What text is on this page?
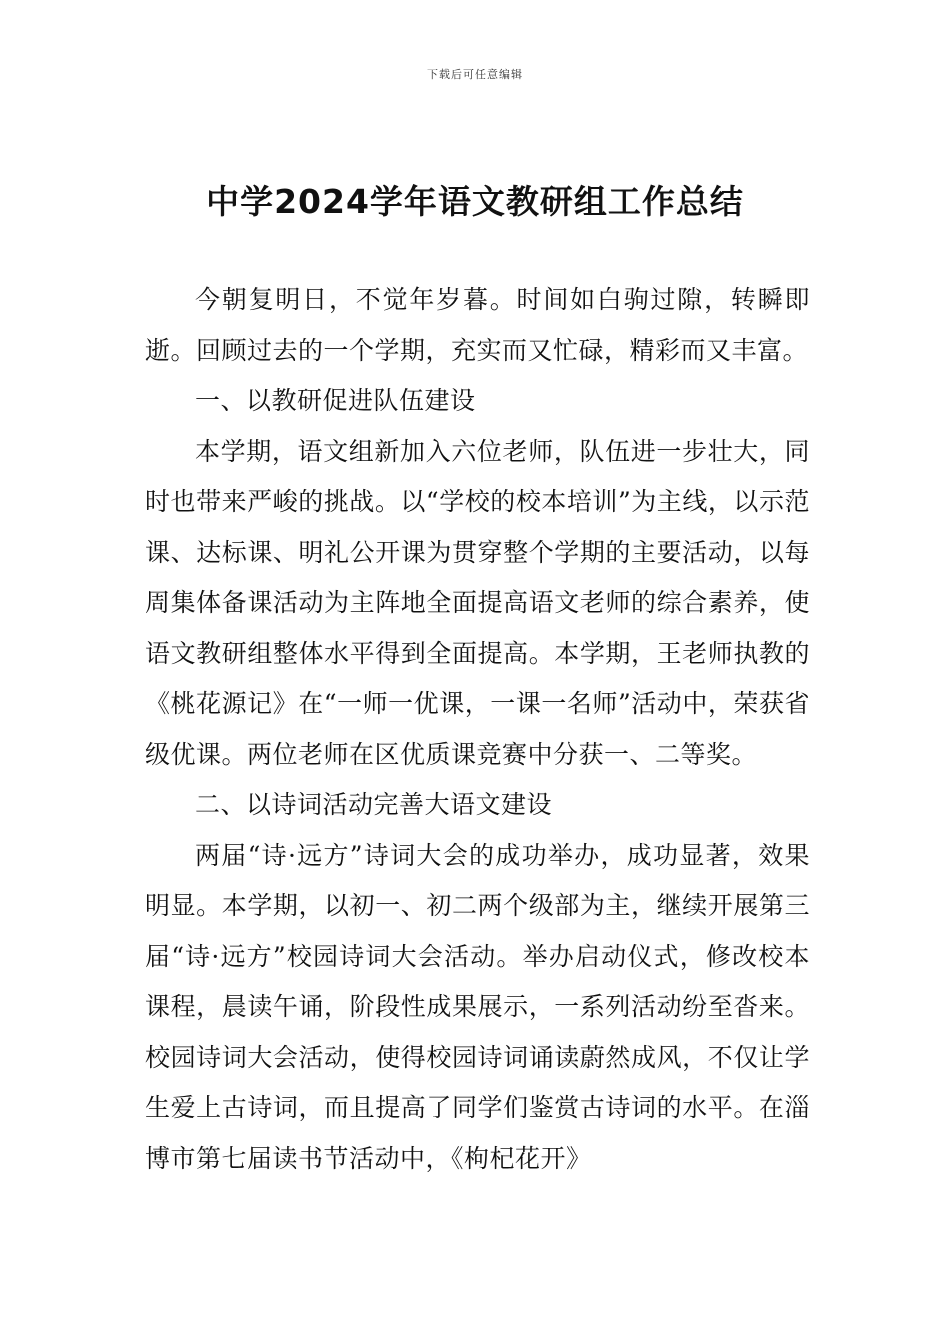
下载后可任意编辑
中学2024学年语文教研组工作总结

今朝复明日，不觉年岁暮。时间如白驹过隙，转瞬即逝。回顾过去的一个学期，充实而又忙碌，精彩而又丰富。

一、以教研促进队伍建设

本学期，语文组新加入六位老师，队伍进一步壮大，同时也带来严峻的挑战。以“学校的校本培训”为主线，以示范课、达标课、明礼公开课为贯穿整个学期的主要活动，以每周集体备课活动为主阵地全面提高语文老师的综合素养，使语文教研组整体水平得到全面提高。本学期，王老师执教的《桃花源记》在“一师一优课，一课一名师”活动中，荣获省级优课。两位老师在区优质课竞赛中分获一、二等奖。

二、以诗词活动完善大语文建设

两届“诗·远方”诗词大会的成功举办，成功显著，效果明显。本学期，以初一、初二两个级部为主，继续开展第三届“诗·远方”校园诗词大会活动。举办启动仪式，修改校本课程，晨读午诵，阶段性成果展示，一系列活动纷至沓来。校园诗词大会活动，使得校园诗词诵读蔚然成风，不仅让学生爱上古诗词，而且提高了同学们鉴赏古诗词的水平。在淄博市第七届读书节活动中，《枸杞花开》
